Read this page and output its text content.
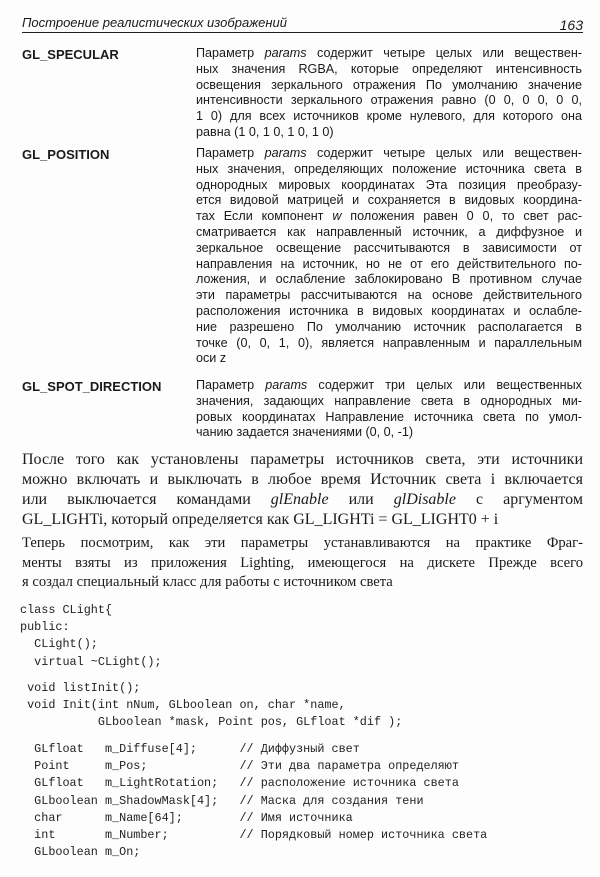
Построение реалистических изображений	163
После того как установлены параметры источников света, эти источники
можно включать и выключать в любое время Источник света i включается
или выключается командами glEnable или glDisable с аргументом
GL_LIGHTi, который определяется как GL_LIGHTi = GL_LIGHT0 + i
Теперь посмотрим, как эти параметры устанавливаются на практике Фраг-
менты взяты из приложения Lighting, имеющегося на дискете Прежде всего
я создал специальный класс для работы с источником света
GL_SPECULAR	Параметр params содержит четыре целых или веществен-
ных значения RGBA, которые определяют интенсивность
освещения зеркального отражения По умолчанию значение
интенсивности зеркального отражения равно (0 0, 0 0, 0 0,
1 0) для всех источников кроме нулевого, для которого она
равна (1 0, 1 0, 1 0, 1 0)
GL_POSITION	Параметр params содержит четыре целых или веществен-
ных значения, определяющих положение источника света в
однородных мировых координатах Эта позиция преобразу-
ется видовой матрицей и сохраняется в видовых координа-
тах Если компонент w положения равен 0 0, то свет рас-
сматривается как направленный источник, а диффузное и
зеркальное освещение рассчитываются в зависимости от
направления на источник, но не от его действительного по-
ложения, и ослабление заблокировано В противном случае
эти параметры рассчитываются на основе действительного
расположения источника в видовых координатах и ослабле-
ние разрешено По умолчанию источник располагается в
точке (0, 0, 1, 0), является направленным и параллельным
оси z
GL_SPOT_DIRECTION	Параметр params содержит три целых или вещественных
значения, задающих направление света в однородных ми-
ровых координатах Направление источника света по умол-
чанию задается значениями (0, 0, -1)
class CLight{
public:
CLight();
virtual ~CLight();
void listInit();
void Init(int nNum, GLboolean on, char *name,
GLboolean *mask, Point pos, GLfloat *dif );
GLfloat   m_Diffuse[4];      // Диффузный свет
Point     m_Pos;             // Эти два параметра определяют
GLfloat   m_LightRotation;   // расположение источника света
GLboolean m_ShadowMask[4];   // Маска для создания тени
char      m_Name[64];        // Имя источника
int       m_Number;          // Порядковый номер источника света
GLboolean m_On;
